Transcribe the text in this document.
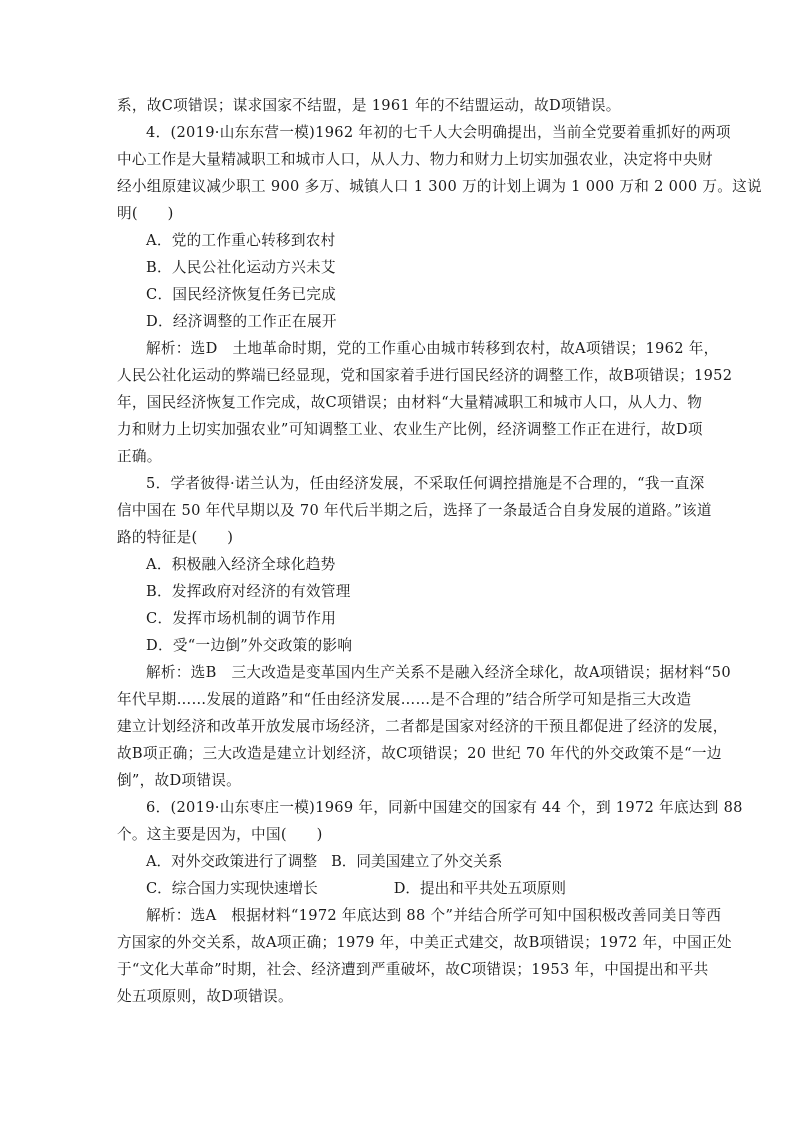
系，故C项错误；谋求国家不结盟，是 1961 年的不结盟运动，故D项错误。
4．(2019·山东东营一模)1962 年初的七千人大会明确提出，当前全党要着重抓好的两项
中心工作是大量精减职工和城市人口，从人力、物力和财力上切实加强农业，决定将中央财
经小组原建议减少职工 900 多万、城镇人口 1 300 万的计划上调为 1 000 万和 2 000 万。这说
明(　　)
A．党的工作重心转移到农村
B．人民公社化运动方兴未艾
C．国民经济恢复任务已完成
D．经济调整的工作正在展开
解析：选D　土地革命时期，党的工作重心由城市转移到农村，故A项错误；1962 年，
人民公社化运动的弊端已经显现，党和国家着手进行国民经济的调整工作，故B项错误；1952
年，国民经济恢复工作完成，故C项错误；由材料“大量精减职工和城市人口，从人力、物
力和财力上切实加强农业”可知调整工业、农业生产比例，经济调整工作正在进行，故D项
正确。
5．学者彼得·诺兰认为，任由经济发展，不采取任何调控措施是不合理的，“我一直深
信中国在 50 年代早期以及 70 年代后半期之后，选择了一条最适合自身发展的道路。”该道
路的特征是(　　)
A．积极融入经济全球化趋势
B．发挥政府对经济的有效管理
C．发挥市场机制的调节作用
D．受“一边倒”外交政策的影响
解析：选B　三大改造是变革国内生产关系不是融入经济全球化，故A项错误；据材料“50
年代早期……发展的道路”和“任由经济发展……是不合理的”结合所学可知是指三大改造
建立计划经济和改革开放发展市场经济，二者都是国家对经济的干预且都促进了经济的发展，
故B项正确；三大改造是建立计划经济，故C项错误；20 世纪 70 年代的外交政策不是“一边
倒”，故D项错误。
6．(2019·山东枣庄一模)1969 年，同新中国建交的国家有 44 个，到 1972 年底达到 88
个。这主要是因为，中国(　　)
A．对外交政策进行了调整 B．同美国建立了外交关系
C．综合国力实现快速增长	D．提出和平共处五项原则
解析：选A　根据材料“1972 年底达到 88 个”并结合所学可知中国积极改善同美日等西
方国家的外交关系，故A项正确；1979 年，中美正式建交，故B项错误；1972 年，中国正处
于“文化大革命”时期，社会、经济遭到严重破坏，故C项错误；1953 年，中国提出和平共
处五项原则，故D项错误。
